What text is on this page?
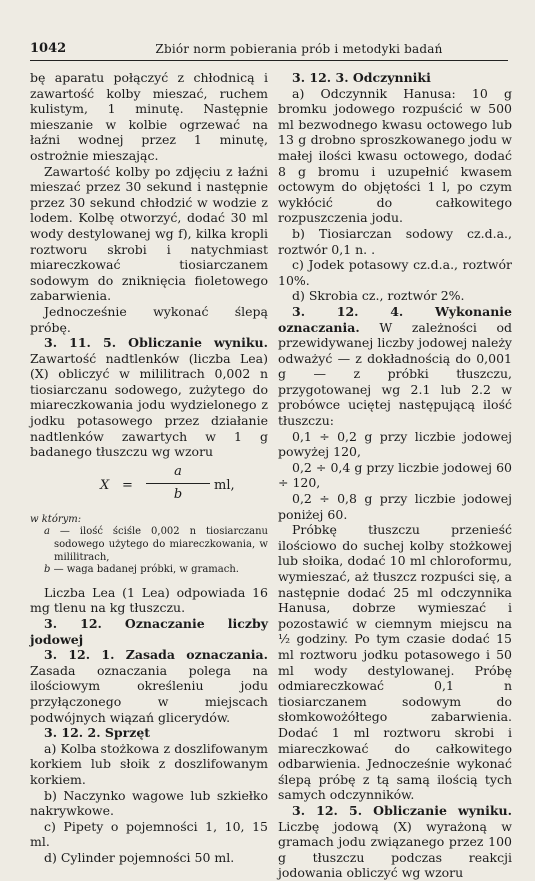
1042	Zbiór norm pobierania prób i metodyki badań

bę aparatu połączyć z chłodnicą i zawartość kolby mieszać, ruchem kulistym, 1 minutę. Następnie mieszanie w kolbie ogrzewać na łaźni wodnej przez 1 minutę, ostrożnie mieszając.

Zawartość kolby po zdjęciu z łaźni mieszać przez 30 sekund i następnie przez 30 sekund chłodzić w wodzie z lodem. Kolbę otworzyć, dodać 30 ml wody destylowanej wg f), kilka kropli roztworu skrobi i natychmiast miareczkować tiosiarczanem sodowym do zniknięcia fioletowego zabarwienia.

Jednocześnie wykonać ślepą próbę.

3. 11. 5. Obliczanie wyniku. Zawartość nadtlenków (liczba Lea) (X) obliczyć w mililitrach 0,002 n tiosiarczanu sodowego, zużytego do miareczkowania jodu wydzielonego z jodku potasowego przez działanie nadtlenków zawartych w 1 g badanego tłuszczu wg wzoru

X =
a
b
ml,

w którym:

a — ilość ściśle 0,002 n tiosiarczanu sodowego użytego do miareczkowania, w mililitrach,

b — waga badanej próbki, w gramach.

Liczba Lea (1 Lea) odpowiada 16 mg tlenu na kg tłuszczu.

3. 12. Oznaczanie liczby jodowej

3. 12. 1. Zasada oznaczania. Zasada oznaczania polega na ilościowym określeniu jodu przyłączonego w miejscach podwójnych wiązań glicerydów.

3. 12. 2. Sprzęt

a) Kolba stożkowa z doszlifowanym korkiem lub słoik z doszlifowanym korkiem.

b) Naczynko wagowe lub szkiełko nakrywkowe.

c) Pipety o pojemności 1, 10, 15 ml.

d) Cylinder pojemności 50 ml.

3. 12. 3. Odczynniki

a) Odczynnik Hanusa: 10 g bromku jodowego rozpuścić w 500 ml bezwodnego kwasu octowego lub 13 g drobno sproszkowanego jodu w małej ilości kwasu octowego, dodać 8 g bromu i uzupełnić kwasem octowym do objętości 1 l, po czym wykłócić do całkowitego rozpuszczenia jodu.

b) Tiosiarczan sodowy cz.d.a., roztwór 0,1 n. .

c) Jodek potasowy cz.d.a., roztwór 10%.

d) Skrobia cz., roztwór 2%.

3. 12. 4. Wykonanie oznaczania. W zależności od przewidywanej liczby jodowej należy odważyć — z dokładnością do 0,001 g — z próbki tłuszczu, przygotowanej wg 2.1 lub 2.2 w probówce uciętej następującą ilość tłuszczu:

0,1 ÷ 0,2 g przy liczbie jodowej powyżej 120,

0,2 ÷ 0,4 g przy liczbie jodowej 60 ÷ 120,

0,2 ÷ 0,8 g przy liczbie jodowej poniżej 60.

Próbkę tłuszczu przenieść ilościowo do suchej kolby stożkowej lub słoika, dodać 10 ml chloroformu, wymieszać, aż tłuszcz rozpuści się, a następnie dodać 25 ml odczynnika Hanusa, dobrze wymieszać i pozostawić w ciemnym miejscu na ½ godziny. Po tym czasie dodać 15 ml roztworu jodku potasowego i 50 ml wody destylowanej. Próbę odmiareczkować 0,1 n tiosiarczanem sodowym do słomkowożółtego zabarwienia. Dodać 1 ml roztworu skrobi i miareczkować do całkowitego odbarwienia. Jednocześnie wykonać ślepą próbę z tą samą ilością tych samych odczynników.

3. 12. 5. Obliczanie wyniku. Liczbę jodową (X) wyrażoną w gramach jodu związanego przez 100 g tłuszczu podczas reakcji jodowania obliczyć wg wzoru
